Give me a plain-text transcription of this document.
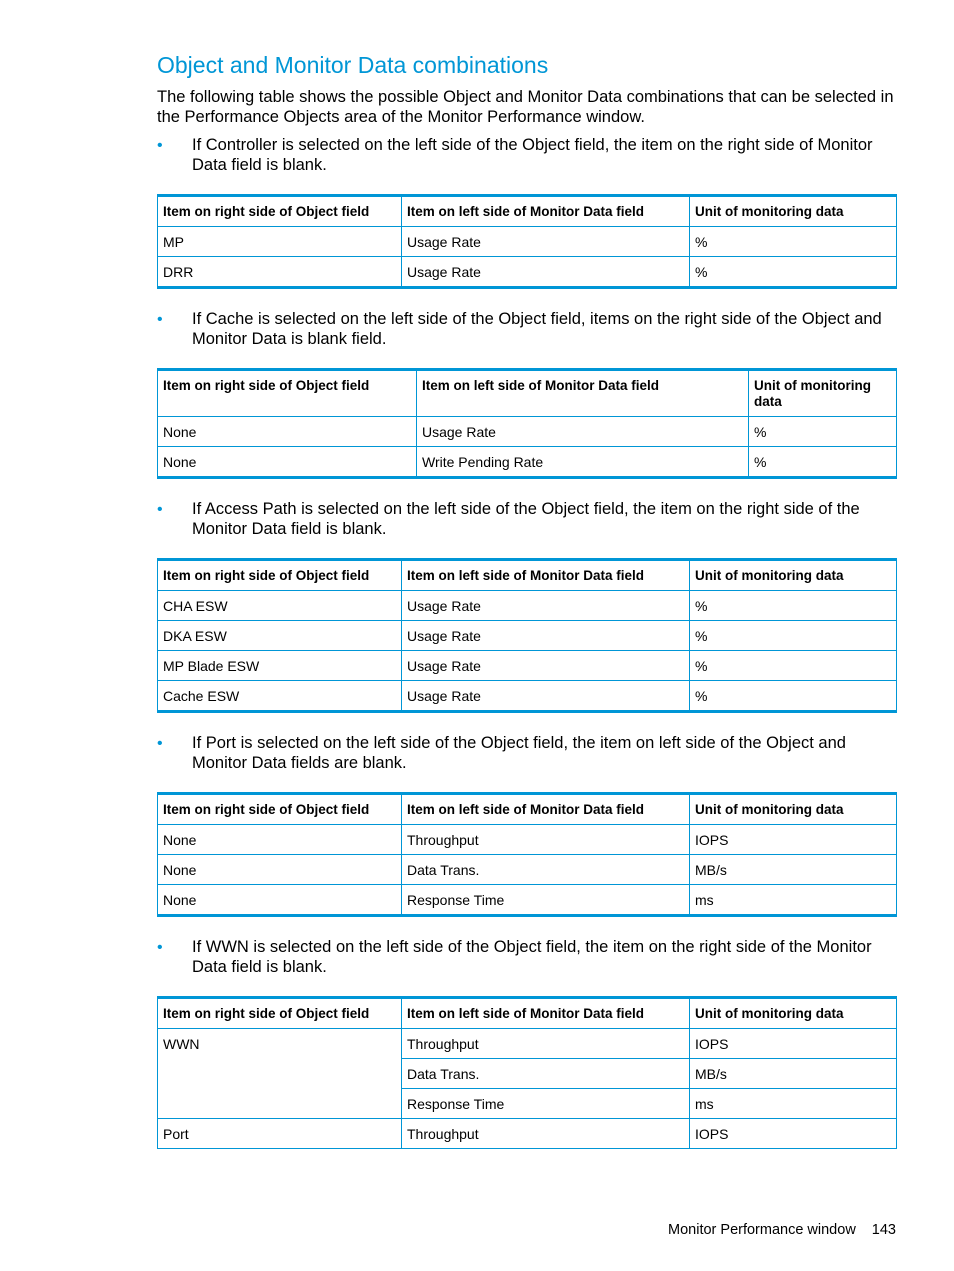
Object and Monitor Data combinations

The following table shows the possible Object and Monitor Data combinations that can be selected in the Performance Objects area of the Monitor Performance window.

• If Controller is selected on the left side of the Object field, the item on the right side of Monitor Data field is blank.
Item on right side of Object field	Item on left side of Monitor Data field	Unit of monitoring data
MP	Usage Rate	%
DRR	Usage Rate	%
• If Cache is selected on the left side of the Object field, items on the right side of the Object and Monitor Data is blank field.
Item on right side of Object field	Item on left side of Monitor Data field	Unit of monitoring data
None	Usage Rate	%
None	Write Pending Rate	%
• If Access Path is selected on the left side of the Object field, the item on the right side of the Monitor Data field is blank.
Item on right side of Object field	Item on left side of Monitor Data field	Unit of monitoring data
CHA ESW	Usage Rate	%
DKA ESW	Usage Rate	%
MP Blade ESW	Usage Rate	%
Cache ESW	Usage Rate	%
• If Port is selected on the left side of the Object field, the item on left side of the Object and Monitor Data fields are blank.
Item on right side of Object field	Item on left side of Monitor Data field	Unit of monitoring data
None	Throughput	IOPS
None	Data Trans.	MB/s
None	Response Time	ms
• If WWN is selected on the left side of the Object field, the item on the right side of the Monitor Data field is blank.
Item on right side of Object field	Item on left side of Monitor Data field	Unit of monitoring data
WWN	Throughput	IOPS
	Data Trans.	MB/s
	Response Time	ms
Port	Throughput	IOPS
Monitor Performance window 143
